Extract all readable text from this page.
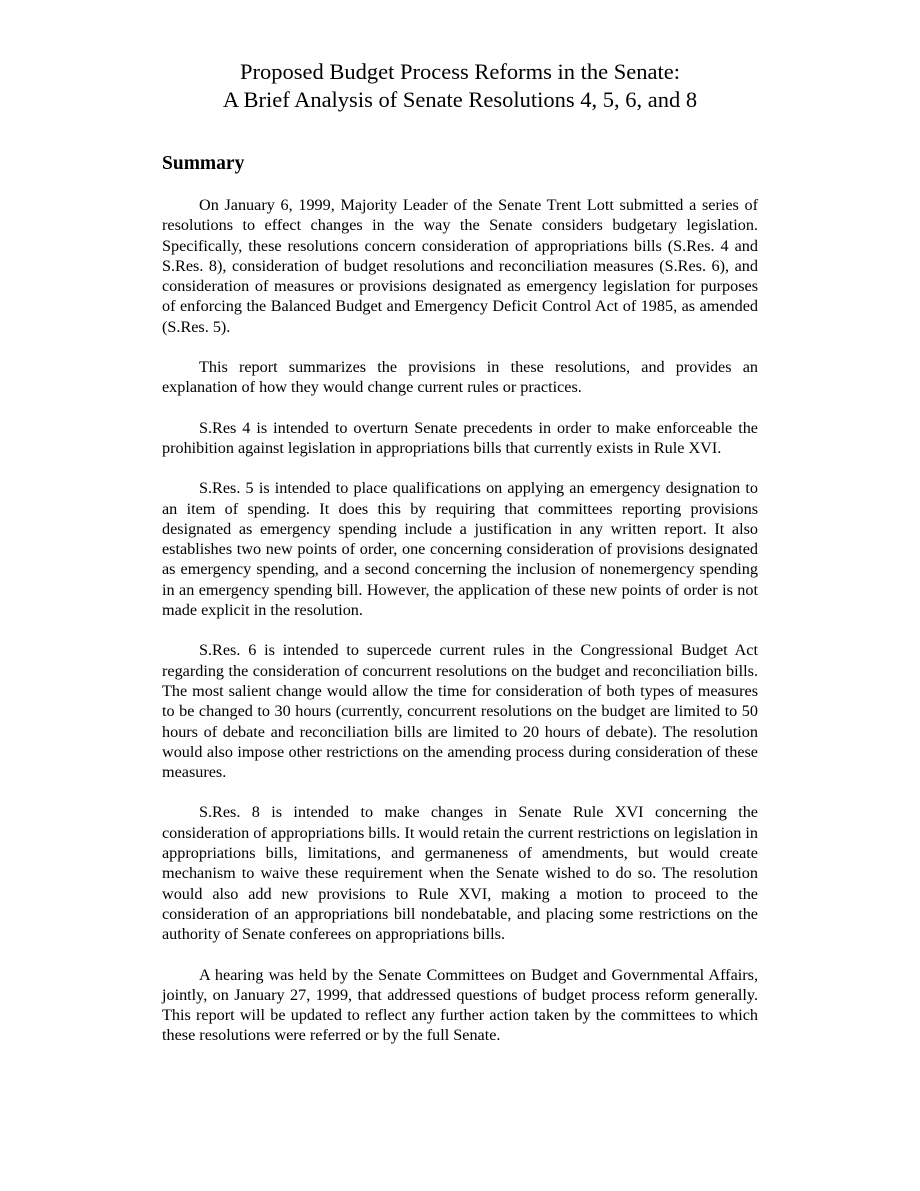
Proposed Budget Process Reforms in the Senate:
A Brief Analysis of Senate Resolutions 4, 5, 6, and 8
Summary

On January 6, 1999, Majority Leader of the Senate Trent Lott submitted a series of resolutions to effect changes in the way the Senate considers budgetary legislation. Specifically, these resolutions concern consideration of appropriations bills (S.Res. 4 and S.Res. 8), consideration of budget resolutions and reconciliation measures (S.Res. 6), and consideration of measures or provisions designated as emergency legislation for purposes of enforcing the Balanced Budget and Emergency Deficit Control Act of 1985, as amended (S.Res. 5).

This report summarizes the provisions in these resolutions, and provides an explanation of how they would change current rules or practices.

S.Res 4 is intended to overturn Senate precedents in order to make enforceable the prohibition against legislation in appropriations bills that currently exists in Rule XVI.

S.Res. 5 is intended to place qualifications on applying an emergency designation to an item of spending. It does this by requiring that committees reporting provisions designated as emergency spending include a justification in any written report. It also establishes two new points of order, one concerning consideration of provisions designated as emergency spending, and a second concerning the inclusion of nonemergency spending in an emergency spending bill. However, the application of these new points of order is not made explicit in the resolution.

S.Res. 6 is intended to supercede current rules in the Congressional Budget Act regarding the consideration of concurrent resolutions on the budget and reconciliation bills. The most salient change would allow the time for consideration of both types of measures to be changed to 30 hours (currently, concurrent resolutions on the budget are limited to 50 hours of debate and reconciliation bills are limited to 20 hours of debate). The resolution would also impose other restrictions on the amending process during consideration of these measures.

S.Res. 8 is intended to make changes in Senate Rule XVI concerning the consideration of appropriations bills. It would retain the current restrictions on legislation in appropriations bills, limitations, and germaneness of amendments, but would create mechanism to waive these requirement when the Senate wished to do so. The resolution would also add new provisions to Rule XVI, making a motion to proceed to the consideration of an appropriations bill nondebatable, and placing some restrictions on the authority of Senate conferees on appropriations bills.

A hearing was held by the Senate Committees on Budget and Governmental Affairs, jointly, on January 27, 1999, that addressed questions of budget process reform generally. This report will be updated to reflect any further action taken by the committees to which these resolutions were referred or by the full Senate.
